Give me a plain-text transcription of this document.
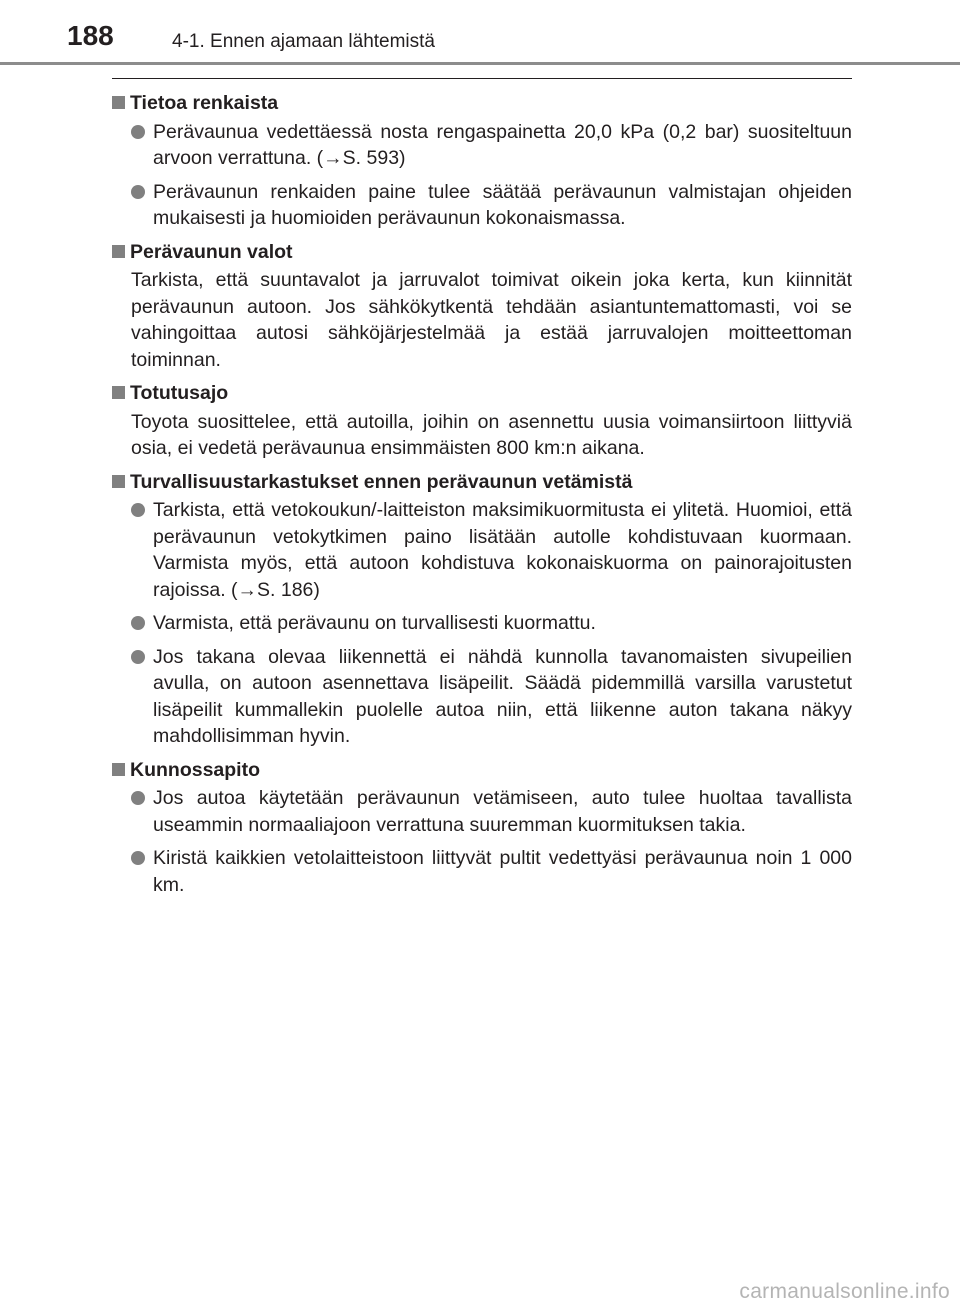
188	4-1. Ennen ajamaan lähtemistä
Tietoa renkaista
Perävaunua vedettäessä nosta rengaspainetta 20,0 kPa (0,2 bar) suositeltuun arvoon verrattuna. (→S. 593)
Perävaunun renkaiden paine tulee säätää perävaunun valmistajan ohjeiden mukaisesti ja huomioiden perävaunun kokonaismassa.
Perävaunun valot
Tarkista, että suuntavalot ja jarruvalot toimivat oikein joka kerta, kun kiinnität perävaunun autoon. Jos sähkökytkentä tehdään asiantuntemattomasti, voi se vahingoittaa autosi sähköjärjestelmää ja estää jarruvalojen moitteettoman toiminnan.
Totutusajo
Toyota suosittelee, että autoilla, joihin on asennettu uusia voimansiirtoon liittyviä osia, ei vedetä perävaunua ensimmäisten 800 km:n aikana.
Turvallisuustarkastukset ennen perävaunun vetämistä
Tarkista, että vetokoukun/-laitteiston maksimikuormitusta ei ylitetä. Huomioi, että perävaunun vetokytkimen paino lisätään autolle kohdistuvaan kuormaan. Varmista myös, että autoon kohdistuva kokonaiskuorma on painorajoitusten rajoissa. (→S. 186)
Varmista, että perävaunu on turvallisesti kuormattu.
Jos takana olevaa liikennettä ei nähdä kunnolla tavanomaisten sivupeilien avulla, on autoon asennettava lisäpeilit. Säädä pidemmillä varsilla varustetut lisäpeilit kummallekin puolelle autoa niin, että liikenne auton takana näkyy mahdollisimman hyvin.
Kunnossapito
Jos autoa käytetään perävaunun vetämiseen, auto tulee huoltaa tavallista useammin normaaliajoon verrattuna suuremman kuormituksen takia.
Kiristä kaikkien vetolaitteistoon liittyvät pultit vedettyäsi perävaunua noin 1 000 km.
carmanualsonline.info
